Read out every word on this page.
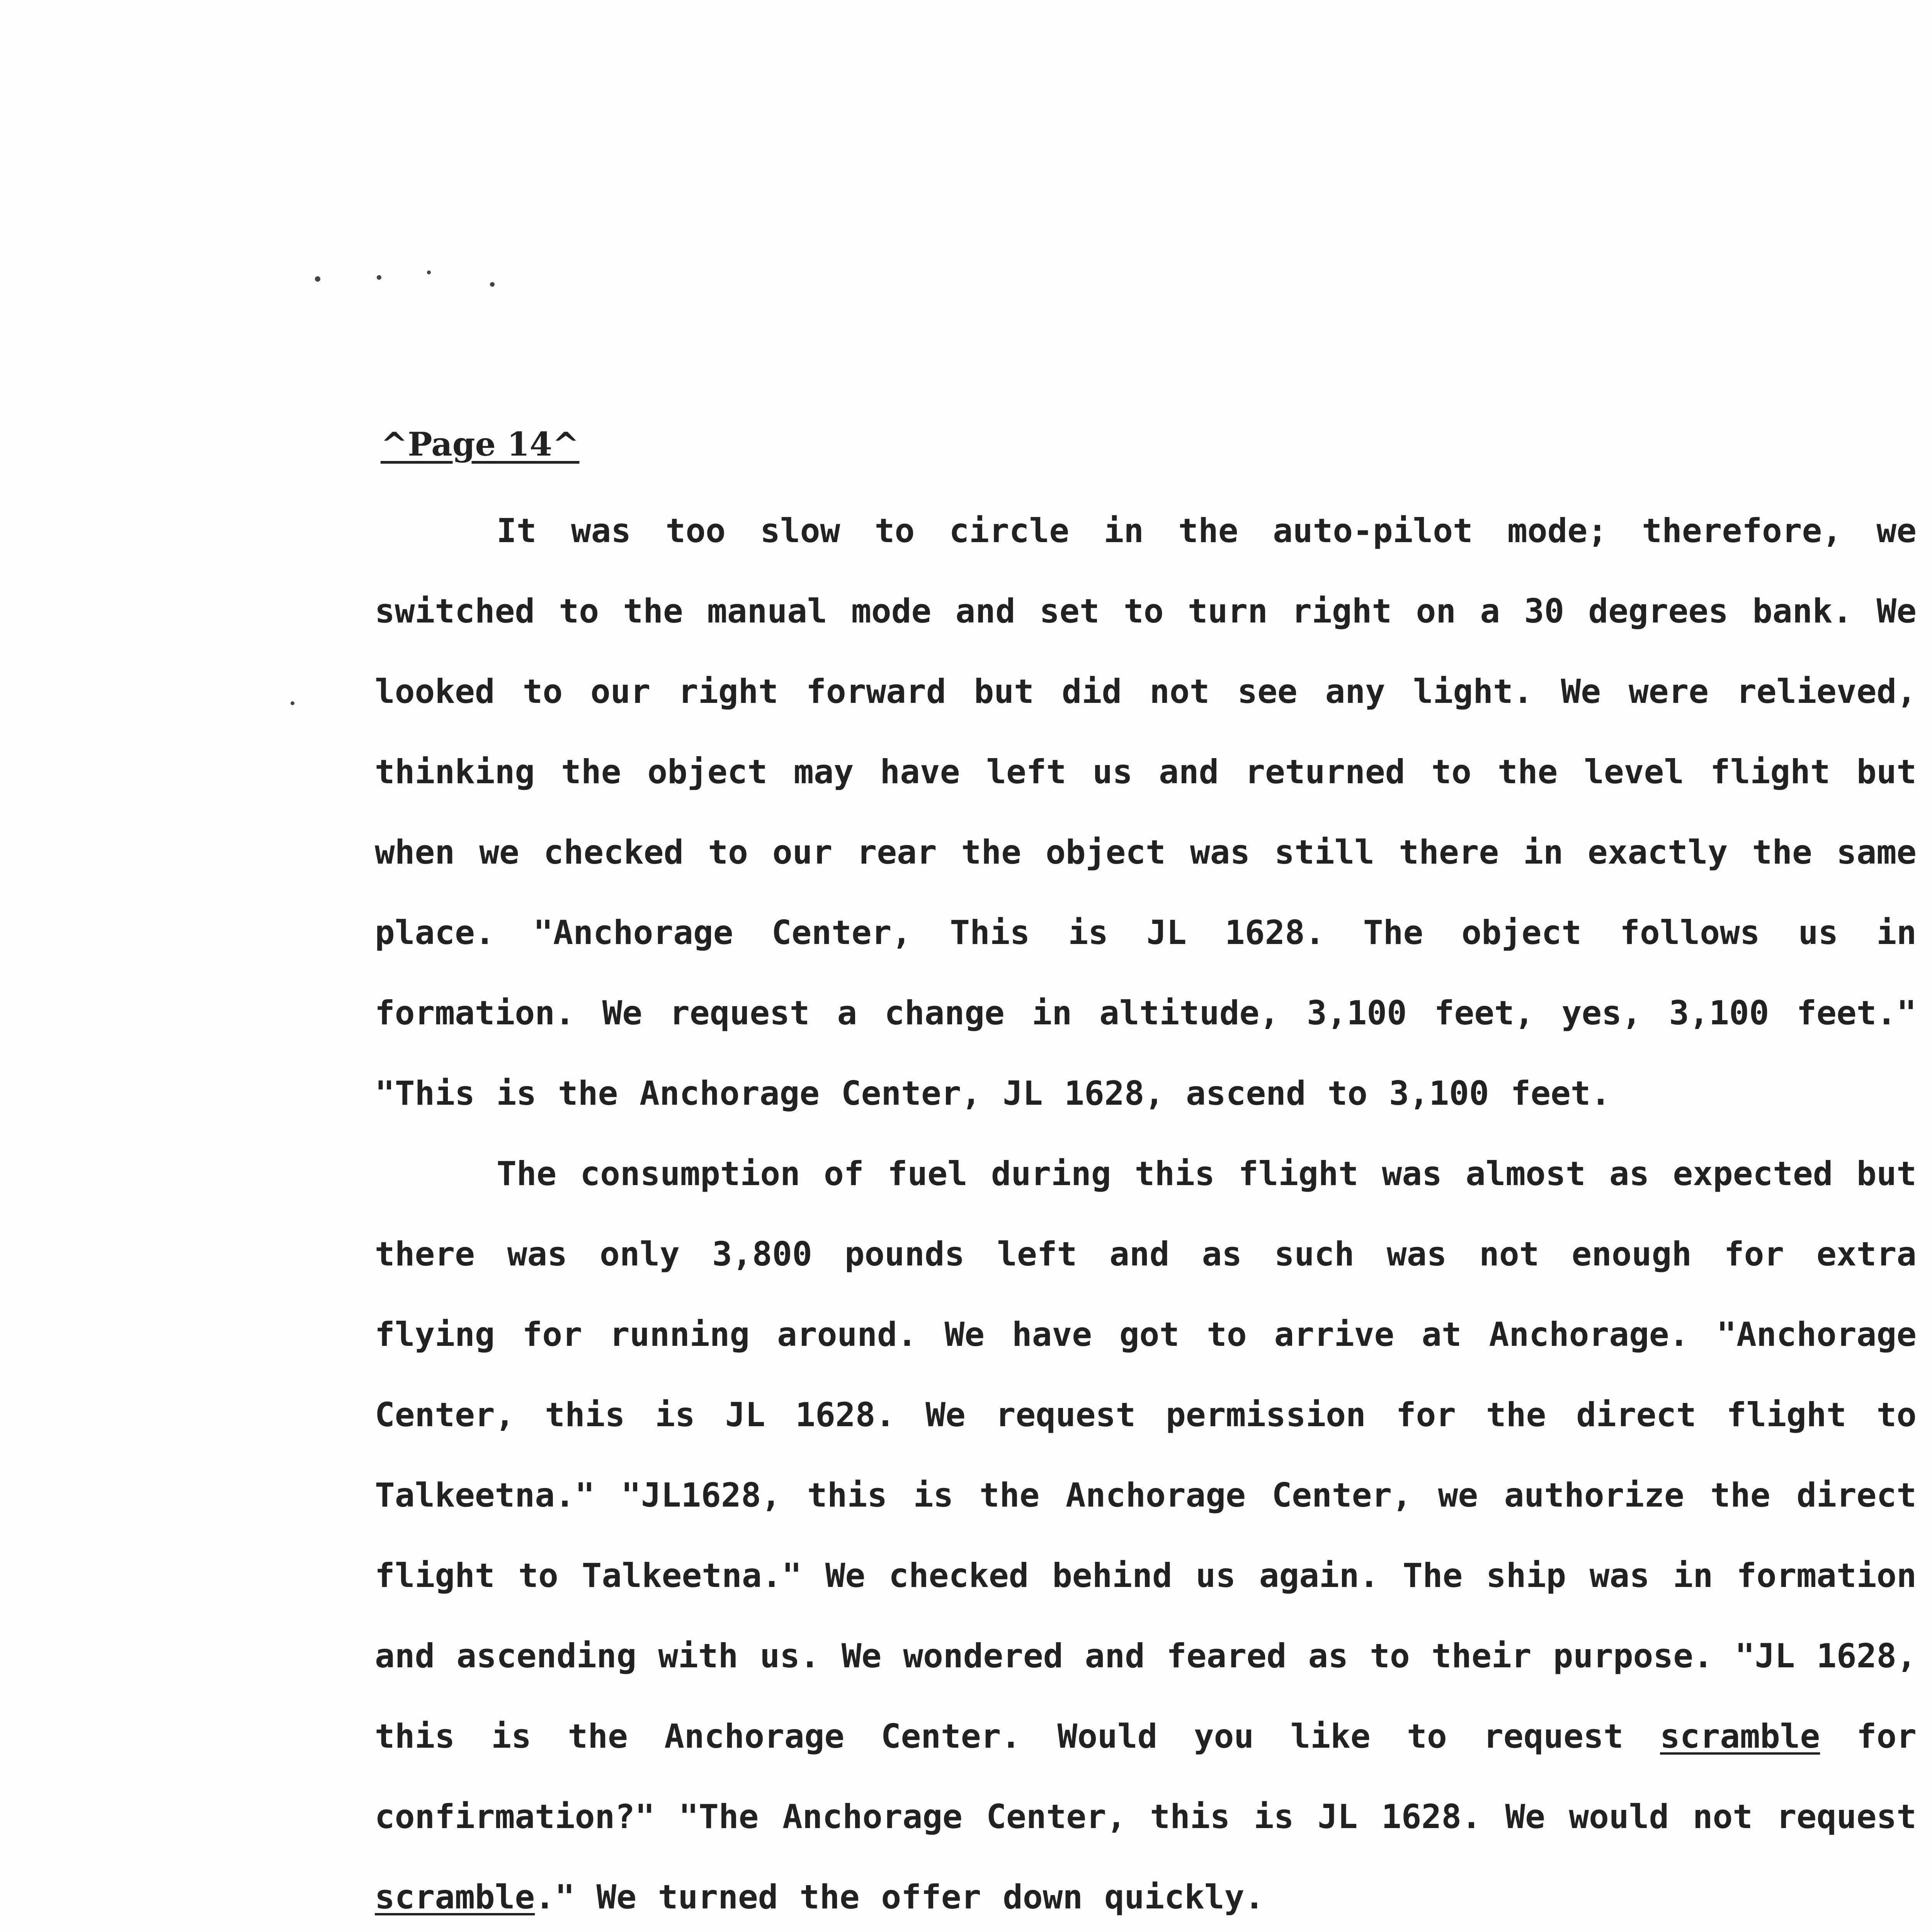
^Page 14^

It was too slow to circle in the auto-pilot mode; therefore, we switched to the manual mode and set to turn right on a 30 degrees bank. We looked to our right forward but did not see any light. We were relieved, thinking the object may have left us and returned to the level flight but when we checked to our rear the object was still there in exactly the same place. "Anchorage Center, This is JL 1628. The object follows us in formation. We request a change in altitude, 3,100 feet, yes, 3,100 feet." "This is the Anchorage Center, JL 1628, ascend to 3,100 feet.

The consumption of fuel during this flight was almost as expected but there was only 3,800 pounds left and as such was not enough for extra flying for running around. We have got to arrive at Anchorage. "Anchorage Center, this is JL 1628. We request permission for the direct flight to Talkeetna." "JL1628, this is the Anchorage Center, we authorize the direct flight to Talkeetna." We checked behind us again. The ship was in formation and ascending with us. We wondered and feared as to their purpose. "JL 1628, this is the Anchorage Center. Would you like to request scramble for confirmation?" "The Anchorage Center, this is JL 1628. We would not request scramble." We turned the offer down quickly.
